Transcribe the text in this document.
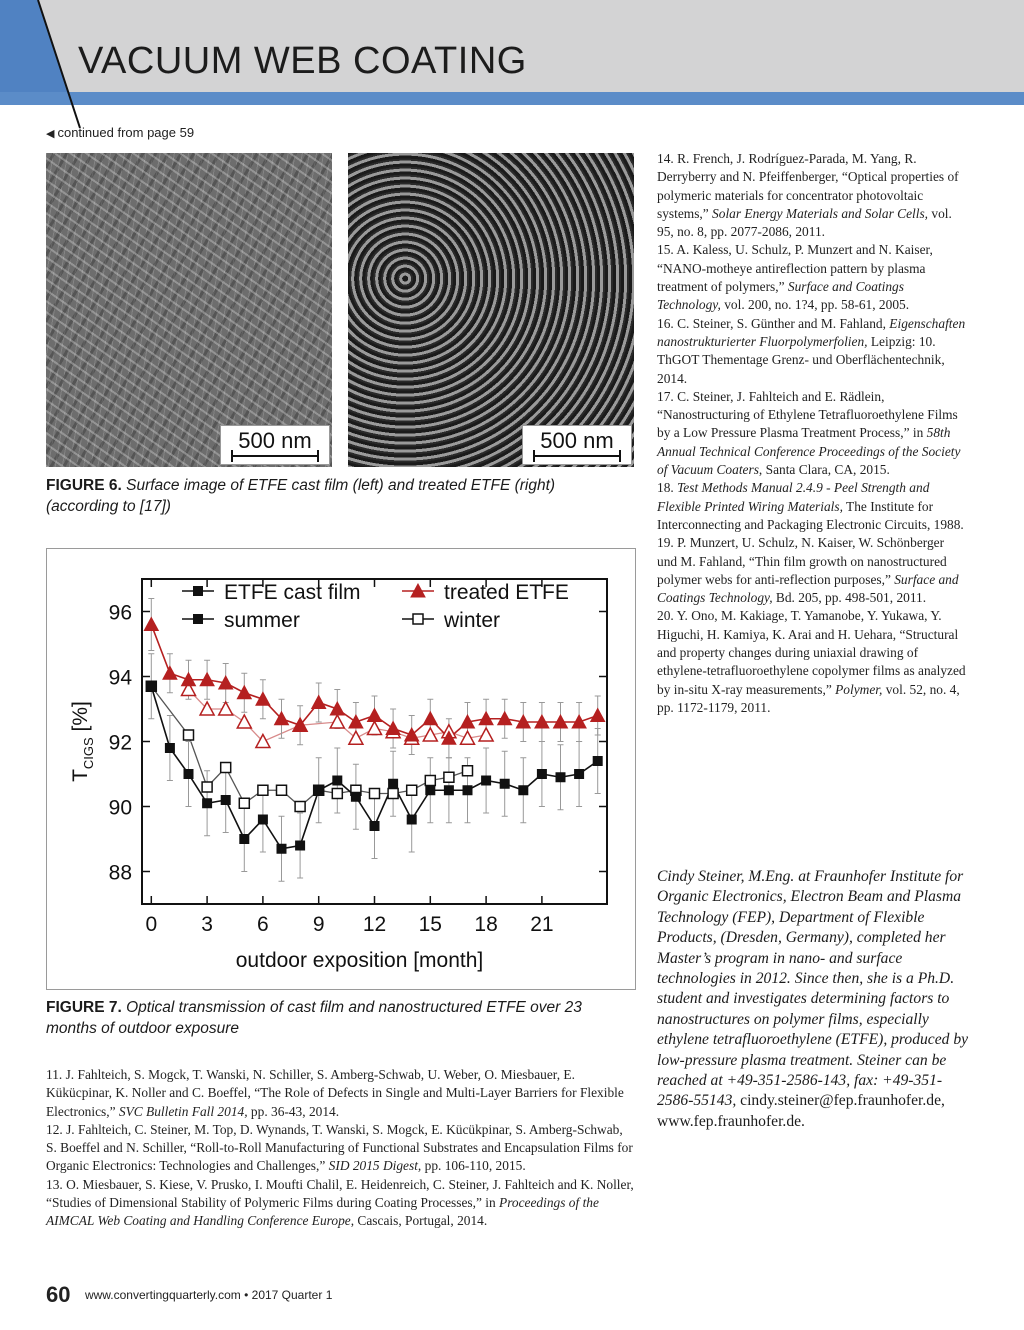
VACUUM WEB COATING
◀ continued from page 59
500 nm	500 nm
FIGURE 6. Surface image of ETFE cast film (left) and treated ETFE (right) (according to [17])
0 3 6 9 12 15 18 21
88
90
92
94
96
outdoor exposition [month]
$T_{CIGS}$ [%]
ETFE cast film	treated ETFE
summer	winter
FIGURE 7. Optical transmission of cast film and nanostructured ETFE over 23 months of outdoor exposure

11. J. Fahlteich, S. Mogck, T. Wanski, N. Schiller, S. Amberg-Schwab, U. Weber, O. Miesbauer, E. Kükücpinar, K. Noller and C. Boeffel, “The Role of Defects in Single and Multi-Layer Barriers for Flexible Electronics,” SVC Bulletin Fall 2014, pp. 36-43, 2014.

12. J. Fahlteich, C. Steiner, M. Top, D. Wynands, T. Wanski, S. Mogck, E. Kücükpinar, S. Amberg-Schwab, S. Boeffel and N. Schiller, “Roll-to-Roll Manufacturing of Functional Substrates and Encapsulation Films for Organic Electronics: Technologies and Challenges,” SID 2015 Digest, pp. 106-110, 2015.

13. O. Miesbauer, S. Kiese, V. Prusko, I. Moufti Chalil, E. Heidenreich, C. Steiner, J. Fahlteich and K. Noller, “Studies of Dimensional Stability of Polymeric Films during Coating Processes,” in Proceedings of the AIMCAL Web Coating and Handling Conference Europe, Cascais, Portugal, 2014.

14. R. French, J. Rodríguez-Parada, M. Yang, R. Derryberry and N. Pfeiffenberger, “Optical properties of polymeric materials for concentrator photovoltaic systems,” Solar Energy Materials and Solar Cells, vol. 95, no. 8, pp. 2077-2086, 2011.

15. A. Kaless, U. Schulz, P. Munzert and N. Kaiser, “NANO-motheye antireflection pattern by plasma treatment of polymers,” Surface and Coatings Technology, vol. 200, no. 1?4, pp. 58-61, 2005.

16. C. Steiner, S. Günther and M. Fahland, Eigenschaften nanostrukturierter Fluorpolymerfolien, Leipzig: 10. ThGOT Thementage Grenz- und Oberflächentechnik, 2014.

17. C. Steiner, J. Fahlteich and E. Rädlein, “Nanostructuring of Ethylene Tetrafluoroethylene Films by a Low Pressure Plasma Treatment Process,” in 58th Annual Technical Conference Proceedings of the Society of Vacuum Coaters, Santa Clara, CA, 2015.

18. Test Methods Manual 2.4.9 - Peel Strength and Flexible Printed Wiring Materials, The Institute for Interconnecting and Packaging Electronic Circuits, 1988.

19. P. Munzert, U. Schulz, N. Kaiser, W. Schönberger und M. Fahland, “Thin film growth on nanostructured polymer webs for anti-reflection purposes,” Surface and Coatings Technology, Bd. 205, pp. 498-501, 2011.

20. Y. Ono, M. Kakiage, T. Yamanobe, Y. Yukawa, Y. Higuchi, H. Kamiya, K. Arai and H. Uehara, “Structural and property changes during uniaxial drawing of ethylene-tetrafluoroethylene copolymer films as analyzed by in-situ X-ray measurements,” Polymer, vol. 52, no. 4, pp. 1172-1179, 2011.

Cindy Steiner, M.Eng. at Fraunhofer Institute for Organic Electronics, Electron Beam and Plasma Technology (FEP), Department of Flexible Products, (Dresden, Germany), completed her Master’s program in nano- and surface technologies in 2012. Since then, she is a Ph.D. student and investigates determining factors to nanostructures on polymer films, especially ethylene tetrafluoroethylene (ETFE), produced by low-pressure plasma treatment. Steiner can be reached at +49-351-2586-143, fax: +49-351-2586-55143, cindy.steiner@fep.fraunhofer.de, www.fep.fraunhofer.de.
60 www.convertingquarterly.com • 2017 Quarter 1
